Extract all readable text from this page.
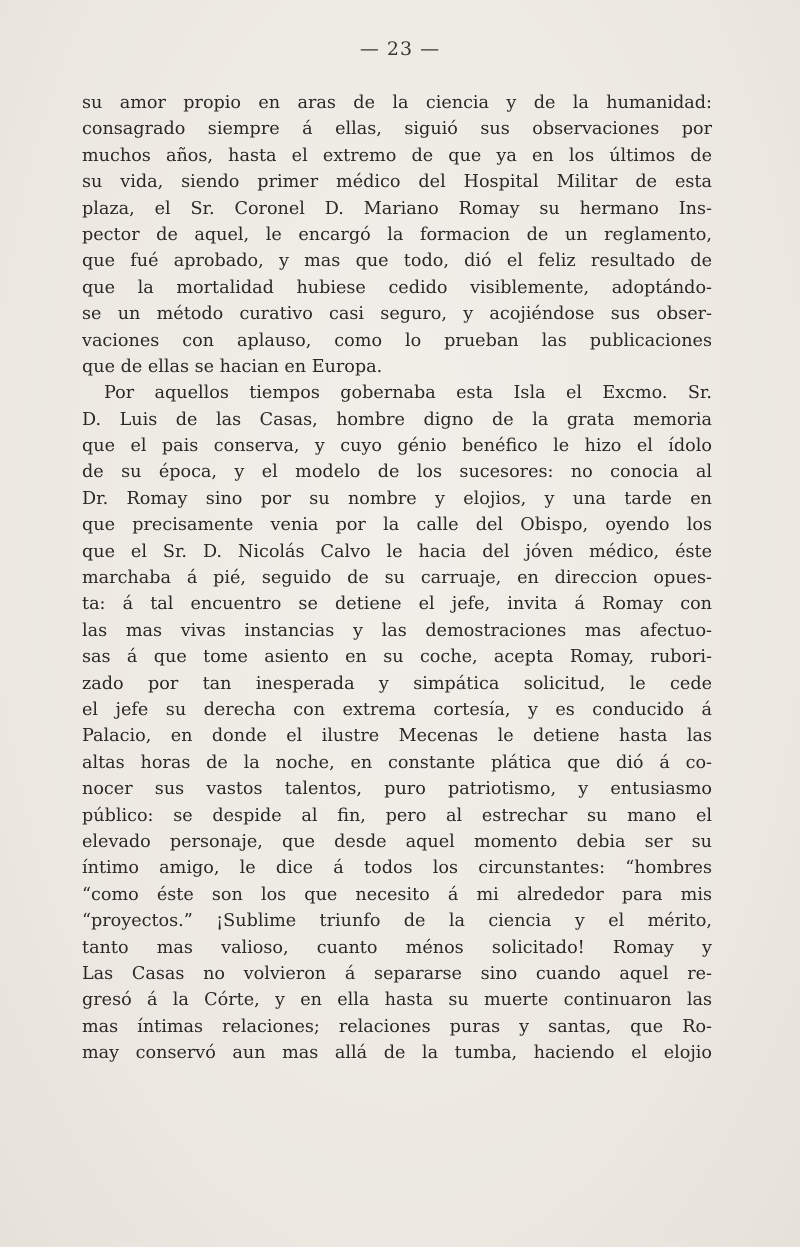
— 23 —
su amor propio en aras de la ciencia y de la humanidad:
consagrado siempre á ellas, siguió sus observaciones por
muchos años, hasta el extremo de que ya en los últimos de
su vida, siendo primer médico del Hospital Militar de esta
plaza, el Sr. Coronel D. Mariano Romay su hermano Ins-
pector de aquel, le encargó la formacion de un reglamento,
que fué aprobado, y mas que todo, dió el feliz resultado de
que la mortalidad hubiese cedido visiblemente, adoptándo-
se un método curativo casi seguro, y acojiéndose sus obser-
vaciones con aplauso, como lo prueban las publicaciones
que de ellas se hacian en Europa.
Por aquellos tiempos gobernaba esta Isla el Excmo. Sr.
D. Luis de las Casas, hombre digno de la grata memoria
que el pais conserva, y cuyo génio benéfico le hizo el ídolo
de su época, y el modelo de los sucesores: no conocia al
Dr. Romay sino por su nombre y elojios, y una tarde en
que precisamente venia por la calle del Obispo, oyendo los
que el Sr. D. Nicolás Calvo le hacia del jóven médico, éste
marchaba á pié, seguido de su carruaje, en direccion opues-
ta: á tal encuentro se detiene el jefe, invita á Romay con
las mas vivas instancias y las demostraciones mas afectuo-
sas á que tome asiento en su coche, acepta Romay, rubori-
zado por tan inesperada y simpática solicitud, le cede
el jefe su derecha con extrema cortesía, y es conducido á
Palacio, en donde el ilustre Mecenas le detiene hasta las
altas horas de la noche, en constante plática que dió á co-
nocer sus vastos talentos, puro patriotismo, y entusiasmo
público: se despide al fin, pero al estrechar su mano el
elevado personaje, que desde aquel momento debia ser su
íntimo amigo, le dice á todos los circunstantes: “hombres
“como éste son los que necesito á mi alrededor para mis
“proyectos.” ¡Sublime triunfo de la ciencia y el mérito,
tanto mas valioso, cuanto ménos solicitado! Romay y
Las Casas no volvieron á separarse sino cuando aquel re-
gresó á la Córte, y en ella hasta su muerte continuaron las
mas íntimas relaciones; relaciones puras y santas, que Ro-
may conservó aun mas allá de la tumba, haciendo el elojio
